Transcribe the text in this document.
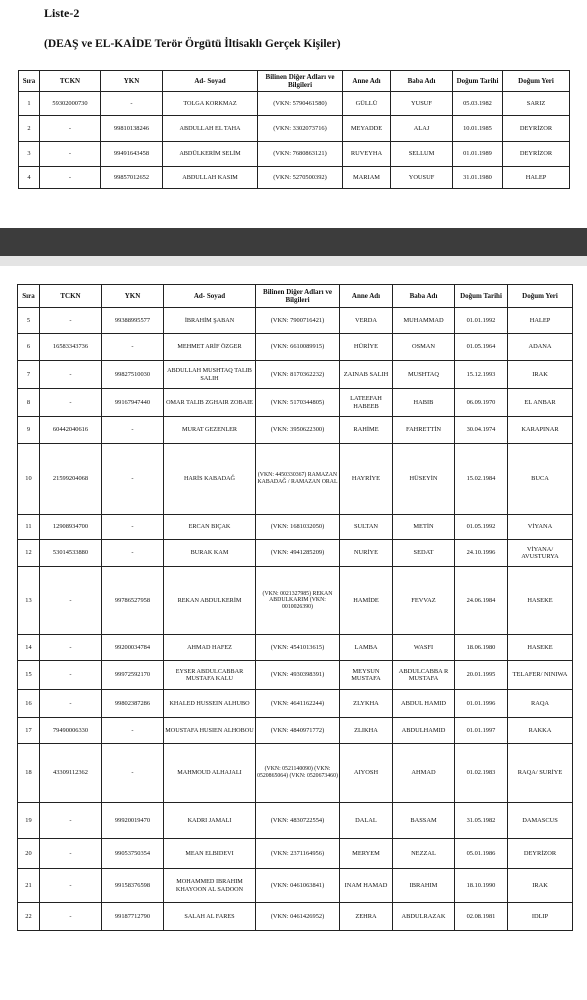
Liste-2
(DEAŞ ve EL-KAİDE Terör Örgütü İltisaklı Gerçek Kişiler)
Sıra	TCKN	YKN	Ad- Soyad	Bilinen Diğer Adları ve Bilgileri	Anne Adı	Baba Adı	Doğum Tarihi	Doğum Yeri
1	59302000730	-	TOLGA KORKMAZ	(VKN: 5790461580)	GÜLLÜ	YUSUF	05.03.1982	SARIZ
2	-	99810138246	ABDULLAH EL TAHA	(VKN: 3302073716)	MEYADDE	ALAJ	10.01.1985	DEYRİZOR
3	-	99491643458	ABDÜLKERİM SELİM	(VKN: 7680863121)	RUVEYHA	SELLUM	01.01.1989	DEYRİZOR
4	-	99857012652	ABDULLAH KASIM	(VKN: 5270500392)	MARIAM	YOUSUF	31.01.1980	HALEP
Sıra	TCKN	YKN	Ad- Soyad	Bilinen Diğer Adları ve Bilgileri	Anne Adı	Baba Adı	Doğum Tarihi	Doğum Yeri
5	-	99388995577	İBRAHİM ŞABAN	(VKN: 7900716421)	VERDA	MUHAMMAD	01.01.1992	HALEP
6	16583343736	-	MEHMET ARİF ÖZGER	(VKN: 6610089915)	HÜRİYE	OSMAN	01.05.1964	ADANA
7	-	99827510030	ABDULLAH MUSHTAQ TALIB SALIH	(VKN: 8170362232)	ZAINAB SALIH	MUSHTAQ	15.12.1993	IRAK
8	-	99167947440	OMAR TALIB ZGHAIR ZOBAIE	(VKN: 5170344805)	LATEEFAH HABEEB	HABIB	06.09.1970	EL ANBAR
9	60442040616	-	MURAT GEZENLER	(VKN: 3950622300)	RAHİME	FAHRETTİN	30.04.1974	KARAPINAR
10	21599204068	-	HARİS KABADAĞ	(VKN: 4450330367) RAMAZAN KABADAĞ / RAMAZAN ORAL	HAYRİYE	HÜSEYİN	15.02.1984	BUCA
11	12908934700	-	ERCAN BIÇAK	(VKN: 1681032050)	SULTAN	METİN	01.05.1992	VİYANA
12	53014533880	-	BURAK KAM	(VKN: 4941285209)	NURİYE	SEDAT	24.10.1996	VİYANA/ AVUSTURYA
13	-	99786527958	REKAN ABDULKERİM	(VKN: 0021327985) REKAN ABDULKARIM (VKN: 0010026390)	HAMİDE	FEVVAZ	24.06.1984	HASEKE
14	-	99200034784	AHMAD HAFEZ	(VKN: 4541013615)	LAMBA	WASFI	18.06.1980	HASEKE
15	-	99972592170	EYSER ABDULCABBAR MUSTAFA KALU	(VKN: 4930398391)	MEYSUN MUSTAFA	ABDULCABBA R MUSTAFA	20.01.1995	TELAFER/ NINIWA
16	-	99802387286	KHALED HUSSEIN ALHUBO	(VKN: 4641162244)	ZLYKHA	ABDUL HAMID	01.01.1996	RAQA
17	79490006330	-	MOUSTAFA HUSIEN ALHOBOU	(VKN: 4840971772)	ZLIKHA	ABDULHAMID	01.01.1997	RAKKA
18	43309112362	-	MAHMOUD ALHAJALI	(VKN: 0521140090) (VKN: 0520865064) (VKN: 0520673460)	AIYOSH	AHMAD	01.02.1983	RAQA/ SURİYE
19	-	99920019470	KADRI JAMALI	(VKN: 4830722554)	DALAL	BASSAM	31.05.1982	DAMASCUS
20	-	99053750354	MEAN ELBIDEVI	(VKN: 2371164956)	MERYEM	NEZZAL	05.01.1986	DEYRİZOR
21	-	99158376598	MOHAMMED IBRAHIM KHAYOON AL SADOON	(VKN: 0461063841)	INAM HAMAD	IBRAHIM	18.10.1990	IRAK
22	-	99187712790	SALAH AL FARES	(VKN: 0461426952)	ZEHRA	ABDULRAZAK	02.08.1981	IDLIP
